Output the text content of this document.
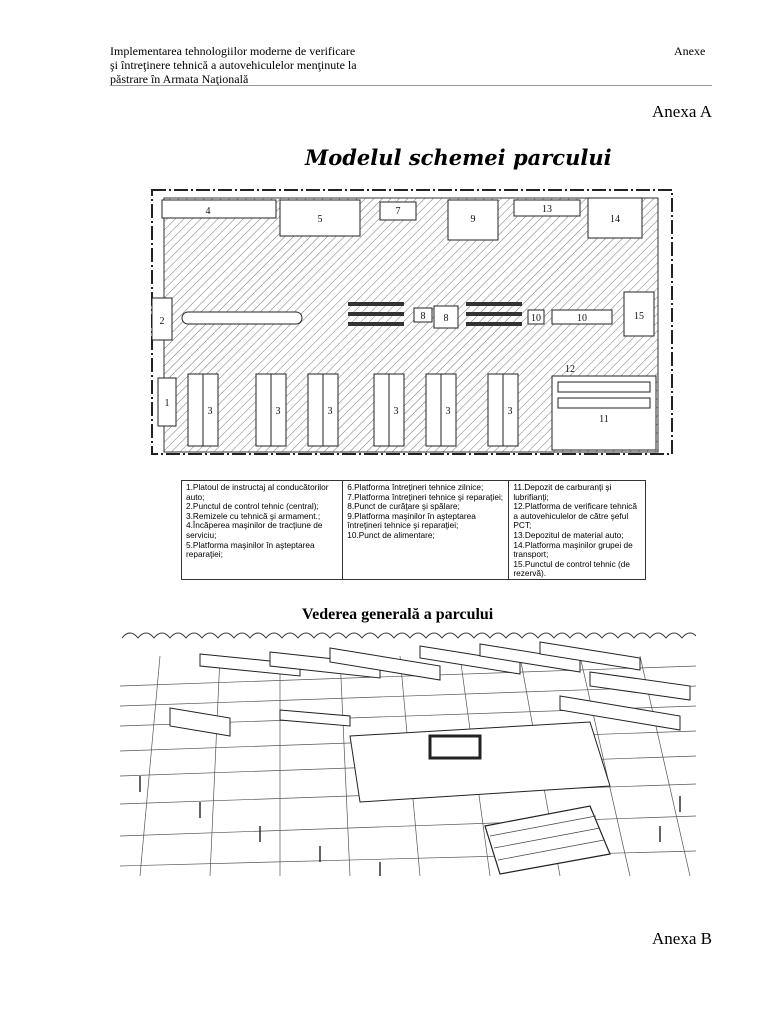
Implementarea tehnologiilor moderne de verificare
şi întreţinere tehnică a autovehiculelor menţinute la
păstrare în Armata Naţională
Anexe
Anexa A
Modelul schemei parcului
4
5
7
9
13
14
2	15
8 8	10	10
1
3	3	3	3	3	3
12
11
1.Platoul de instructaj al conducătorilor auto;
2.Punctul de control tehnic (central);
3.Remizele cu tehnică şi armament.;
4.Încăperea maşinilor de tracţiune de serviciu;
5.Platforma maşinilor în aşteptarea reparaţiei;
6.Platforma întreţineri tehnice zilnice;
7.Platforma întreţineri tehnice şi reparaţiei;
8.Punct de curăţare şi spălare;
9.Platforma maşinilor în aşteptarea întreţineri tehnice şi reparaţiei;
10.Punct de alimentare;
11.Depozit de carburanţi şi lubrifianţi;
12.Platforma de verificare tehnică a autovehiculelor de către şeful PCT;
13.Depozitul de material auto;
14.Platforma maşinilor grupei de transport;
15.Punctul de control tehnic (de rezervă).
Vederea generală a parcului
Anexa B
